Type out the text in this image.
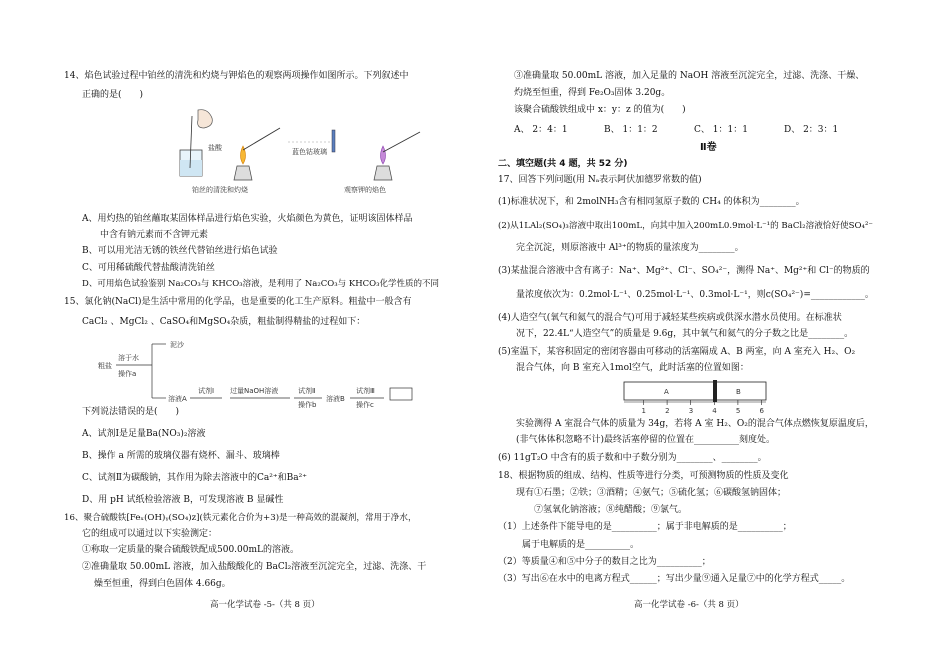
14、焰色试验过程中铂丝的清洗和灼烧与钾焰色的观察两项操作如图所示。下列叙述中
正确的是(　　)
盐酸	蓝色钴玻璃
铂丝的清洗和灼烧	观察钾的焰色
A、用灼热的铂丝蘸取某固体样品进行焰色实验，火焰颜色为黄色，证明该固体样品
中含有钠元素而不含钾元素
B、可以用光洁无锈的铁丝代替铂丝进行焰色试验
C、可用稀硫酸代替盐酸清洗铂丝
D、可用焰色试验鉴别 Na₂CO₃与 KHCO₃溶液，是利用了 Na₂CO₃与 KHCO₃化学性质的不同
15、氯化钠(NaCl)是生活中常用的化学品，也是重要的化工生产原料。粗盐中一般含有
CaCl₂ 、MgCl₂ 、CaSO₄和MgSO₄杂质，粗盐制得精盐的过程如下：
粗盐
溶于水
操作a
泥沙
溶液A
试剂Ⅰ 过量NaOH溶液	试剂Ⅱ
操作b
溶液B
试剂Ⅲ
操作c
下列说法错误的是(　　)
A、试剂Ⅰ是足量Ba(NO₃)₂溶液
B、操作 a 所需的玻璃仪器有烧杯、漏斗、玻璃棒
C、试剂Ⅱ为碳酸钠，其作用为除去溶液中的Ca²⁺和Ba²⁺
D、用 pH 试纸检验溶液 B，可发现溶液 B 显碱性
16、聚合硫酸铁[Feₓ(OH)ᵧ(SO₄)z](铁元素化合价为+3)是一种高效的混凝剂，常用于净水，
它的组成可以通过以下实验测定：
①称取一定质量的聚合硫酸铁配成500.00mL的溶液。
②准确量取 50.00mL 溶液，加入盐酸酸化的 BaCl₂溶液至沉淀完全，过滤、洗涤、干
燥至恒重，得到白色固体 4.66g。
高一化学试卷 -5-（共 8 页）
③准确量取 50.00mL 溶液，加入足量的 NaOH 溶液至沉淀完全，过滤、洗涤、干燥、
灼烧至恒重，得到 Fe₂O₃固体 3.20g。
该聚合硫酸铁组成中 x：y：z 的值为(　　)
A、 2：4：1	B、 1：1：2	C、 1：1：1	D、 2：3：1
Ⅱ卷
二、填空题(共 4 题，共 52 分)
17、回答下列问题(用 Nₐ表示阿伏加德罗常数的值)
(1)标准状况下，和 2molNH₃含有相同氢原子数的 CH₄ 的体积为________。
(2)从1LAl₂(SO₄)₃溶液中取出100mL，向其中加入200mL0.9mol·L⁻¹的 BaCl₂溶液恰好使SO₄²⁻
完全沉淀，则原溶液中 Al³⁺的物质的量浓度为________。
(3)某盐混合溶液中含有离子：Na⁺、Mg²⁺、Cl⁻、SO₄²⁻，测得 Na⁺、Mg²⁺和 Cl⁻的物质的
量浓度依次为：0.2mol·L⁻¹、0.25mol·L⁻¹、0.3mol·L⁻¹，则c(SO₄²⁻)=____________。
(4)人造空气(氧气和氦气的混合气)可用于减轻某些疾病或供深水潜水员使用。在标准状
况下，22.4L“人造空气”的质量是 9.6g，其中氧气和氦气的分子数之比是________。
(5)室温下，某容积固定的密闭容器由可移动的活塞隔成 A、B 两室，向 A 室充入 H₂、O₂
混合气体，向 B 室充入1mol空气，此时活塞的位置如图：
A	B
1	2	3	4	5	6
实验测得 A 室混合气体的质量为 34g，若将 A 室 H₂、O₂的混合气体点燃恢复原温度后，
(非气体体积忽略不计)最终活塞停留的位置在__________刻度处。
(6) 11gT₂O 中含有的质子数和中子数分别为________、________。
18、根据物质的组成、结构、性质等进行分类，可预测物质的性质及变化
现有①石墨；②铁；③酒精；④氨气；⑤硫化氢；⑥碳酸氢钠固体；
⑦氢氧化钠溶液；⑧纯醋酸；⑨氯气。
（1）上述条件下能导电的是__________；属于非电解质的是__________；
属于电解质的是__________。
（2）等质量④和⑤中分子的数目之比为__________；
（3）写出⑥在水中的电离方程式______；写出少量⑨通入足量⑦中的化学方程式_____。
高一化学试卷 -6-（共 8 页）
